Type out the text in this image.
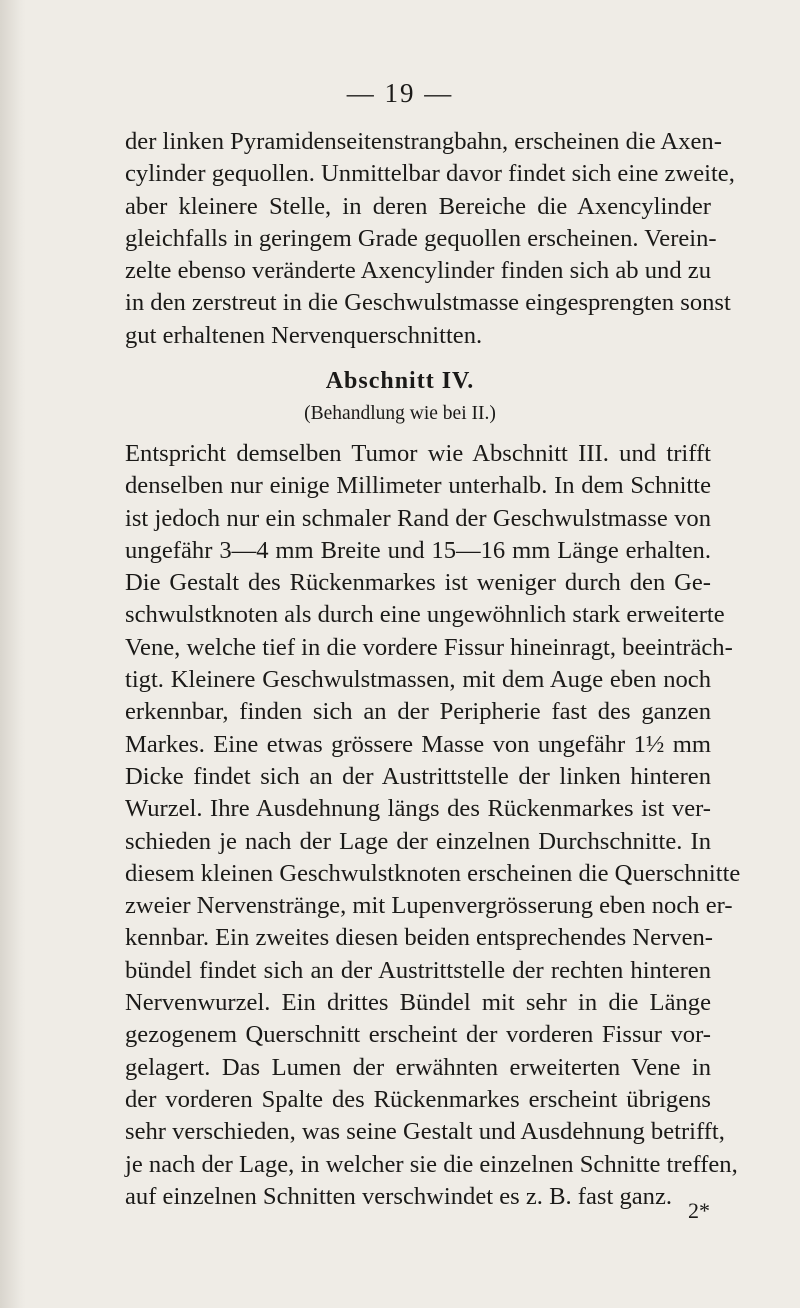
— 19 —
der linken Pyramidenseitenstrangbahn, erscheinen die Axen-
cylinder gequollen. Unmittelbar davor findet sich eine zweite,
aber kleinere Stelle, in deren Bereiche die Axencylinder
gleichfalls in geringem Grade gequollen erscheinen. Verein-
zelte ebenso veränderte Axencylinder finden sich ab und zu
in den zerstreut in die Geschwulstmasse eingesprengten sonst
gut erhaltenen Nervenquerschnitten.
Abschnitt IV.
(Behandlung wie bei II.)
Entspricht demselben Tumor wie Abschnitt III. und trifft
denselben nur einige Millimeter unterhalb. In dem Schnitte
ist jedoch nur ein schmaler Rand der Geschwulstmasse von
ungefähr 3—4 mm Breite und 15—16 mm Länge erhalten.
Die Gestalt des Rückenmarkes ist weniger durch den Ge-
schwulstknoten als durch eine ungewöhnlich stark erweiterte
Vene, welche tief in die vordere Fissur hineinragt, beeinträch-
tigt. Kleinere Geschwulstmassen, mit dem Auge eben noch
erkennbar, finden sich an der Peripherie fast des ganzen
Markes. Eine etwas grössere Masse von ungefähr 1½ mm
Dicke findet sich an der Austrittstelle der linken hinteren
Wurzel. Ihre Ausdehnung längs des Rückenmarkes ist ver-
schieden je nach der Lage der einzelnen Durchschnitte. In
diesem kleinen Geschwulstknoten erscheinen die Querschnitte
zweier Nervenstränge, mit Lupenvergrösserung eben noch er-
kennbar. Ein zweites diesen beiden entsprechendes Nerven-
bündel findet sich an der Austrittstelle der rechten hinteren
Nervenwurzel. Ein drittes Bündel mit sehr in die Länge
gezogenem Querschnitt erscheint der vorderen Fissur vor-
gelagert. Das Lumen der erwähnten erweiterten Vene in
der vorderen Spalte des Rückenmarkes erscheint übrigens
sehr verschieden, was seine Gestalt und Ausdehnung betrifft,
je nach der Lage, in welcher sie die einzelnen Schnitte treffen,
auf einzelnen Schnitten verschwindet es z. B. fast ganz.
2*
